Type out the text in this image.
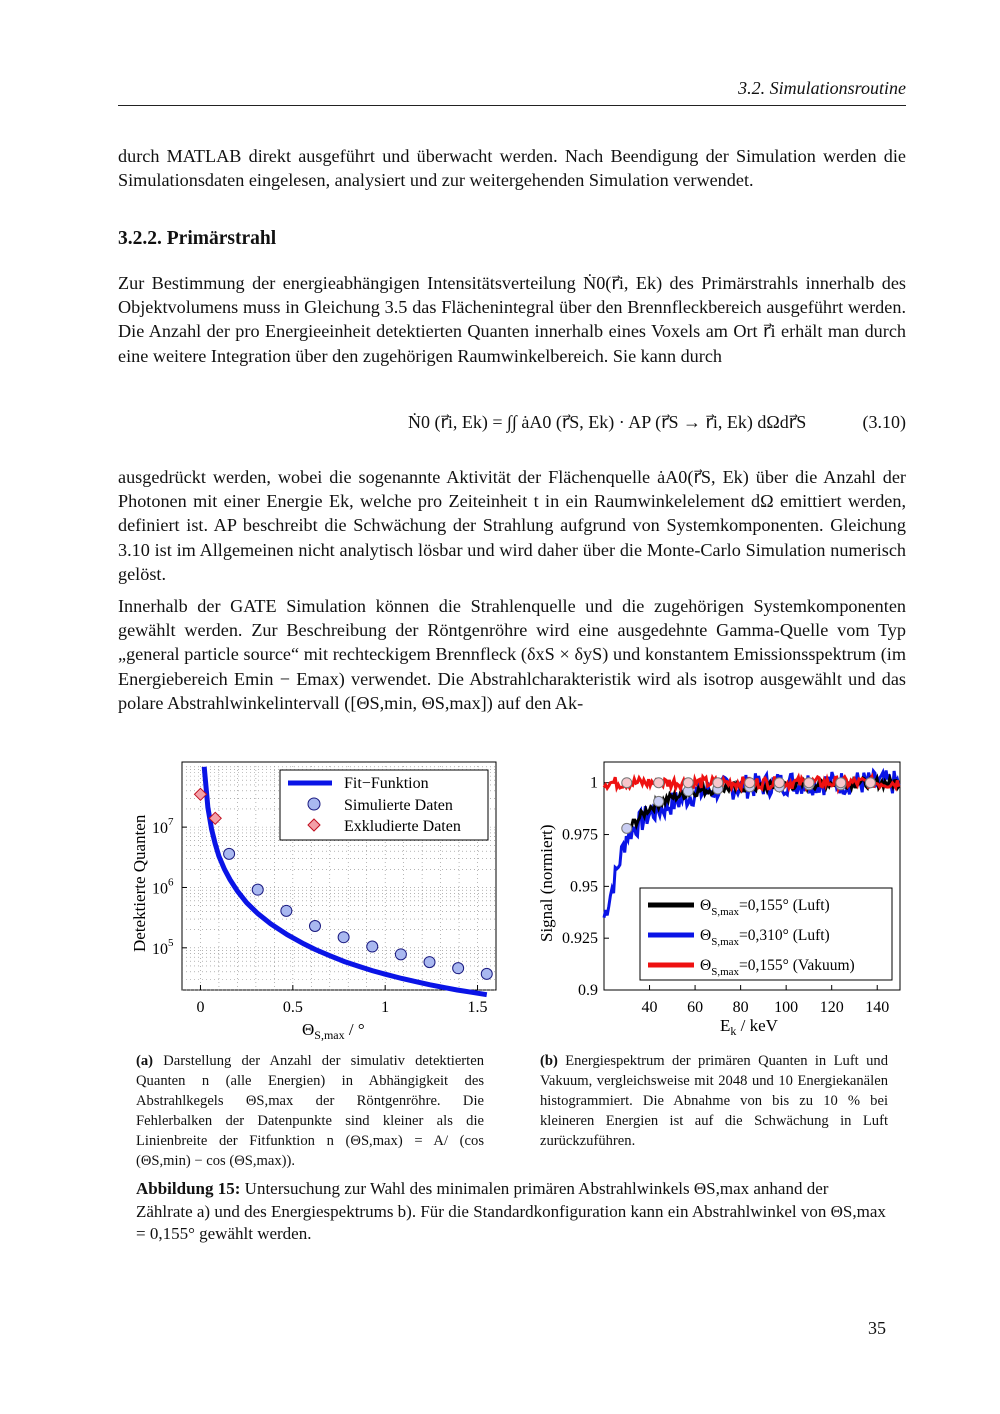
3.2. Simulationsroutine

durch MATLAB direkt ausgeführt und überwacht werden. Nach Beendigung der Simulation werden die Simulationsdaten eingelesen, analysiert und zur weitergehenden Simulation verwendet.

3.2.2. Primärstrahl

Zur Bestimmung der energieabhängigen Intensitätsverteilung Ṅ0(r⃗i, Ek) des Primärstrahls innerhalb des Objektvolumens muss in Gleichung 3.5 das Flächenintegral über den Brennfleckbereich ausgeführt werden. Die Anzahl der pro Energieeinheit detektierten Quanten innerhalb eines Voxels am Ort r⃗i erhält man durch eine weitere Integration über den zugehörigen Raumwinkelbereich. Sie kann durch

Ṅ0 (r⃗i, Ek) = ∫∫ ȧA0 (r⃗S, Ek) · AP (r⃗S → r⃗i, Ek) dΩdr⃗S	(3.10)

ausgedrückt werden, wobei die sogenannte Aktivität der Flächenquelle ȧA0(r⃗S, Ek) über die Anzahl der Photonen mit einer Energie Ek, welche pro Zeiteinheit t in ein Raumwinkelelement dΩ emittiert werden, definiert ist. AP beschreibt die Schwächung der Strahlung aufgrund von Systemkomponenten. Gleichung 3.10 ist im Allgemeinen nicht analytisch lösbar und wird daher über die Monte-Carlo Simulation numerisch gelöst.

Innerhalb der GATE Simulation können die Strahlenquelle und die zugehörigen Systemkomponenten gewählt werden. Zur Beschreibung der Röntgenröhre wird eine ausgedehnte Gamma-Quelle vom Typ „general particle source“ mit rechteckigem Brennfleck (δxS × δyS) und konstantem Emissionsspektrum (im Energiebereich Emin − Emax) verwendet. Die Abstrahlcharakteristik wird als isotrop ausgewählt und das polare Abstrahlwinkelintervall ([ΘS,min, ΘS,max]) auf den Ak-

0	0.5	1	1.5
$10^5$
$10^6$
$10^7$
Fit−Funktion
Simulierte Daten
Exkludierte Daten
Detektierte Quanten
$\Theta_{S,max}$ / °
40 60 80 100 120 140
0.9
0.925
0.95
0.975
1
$\Theta_{S,max}=0,155^\circ$ (Luft)
$\Theta_{S,max}=0,310^\circ$ (Luft)
$\Theta_{S,max}=0,155^\circ$ (Vakuum)
Signal (normiert)
$E_k$ / keV
(a) Darstellung der Anzahl der simulativ detektierten Quanten n (alle Energien) in Abhängigkeit des Abstrahlkegels ΘS,max der Röntgenröhre. Die Fehlerbalken der Datenpunkte sind kleiner als die Linienbreite der Fitfunktion n (ΘS,max) = A/ (cos (ΘS,min) − cos (ΘS,max)).
(b) Energiespektrum der primären Quanten in Luft und Vakuum, vergleichsweise mit 2048 und 10 Energiekanälen histogrammiert. Die Abnahme von bis zu 10 % bei kleineren Energien ist auf die Schwächung in Luft zurückzuführen.
Abbildung 15: Untersuchung zur Wahl des minimalen primären Abstrahlwinkels ΘS,max anhand der Zählrate a) und des Energiespektrums b). Für die Standardkonfiguration kann ein Abstrahlwinkel von ΘS,max = 0,155° gewählt werden.
35
